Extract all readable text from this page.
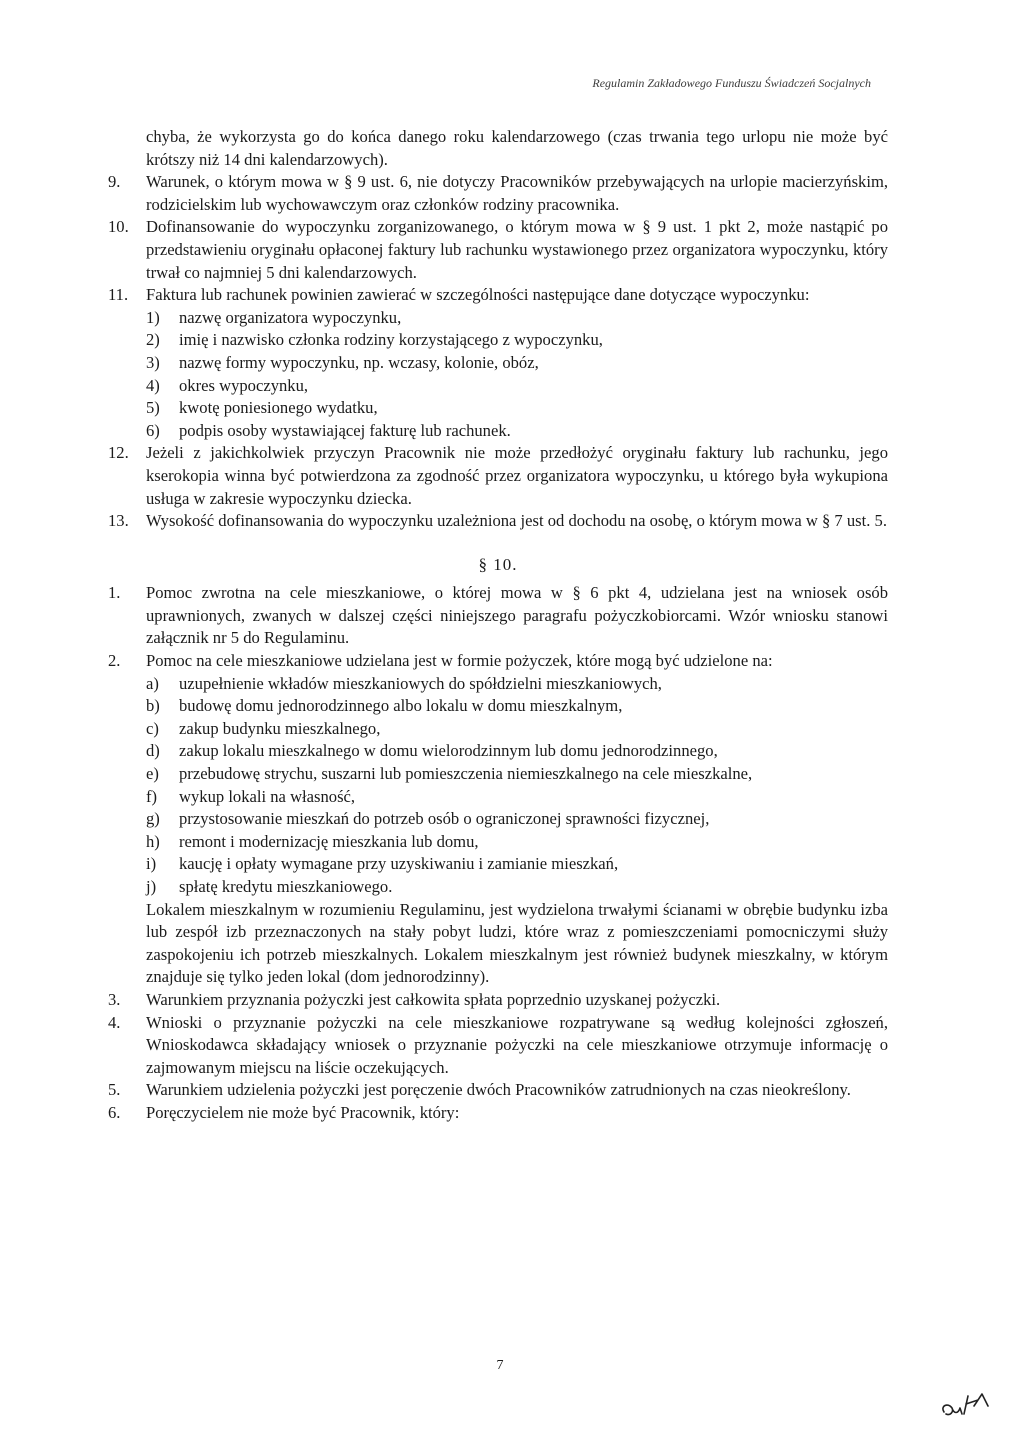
Regulamin Zakładowego Funduszu Świadczeń Socjalnych
chyba, że wykorzysta go do końca danego roku kalendarzowego (czas trwania tego urlopu nie może być krótszy niż 14 dni kalendarzowych).
9.	Warunek, o którym mowa w § 9 ust. 6, nie dotyczy Pracowników przebywających na urlopie macierzyńskim, rodzicielskim lub wychowawczym oraz członków rodziny pracownika.
10.	Dofinansowanie do wypoczynku zorganizowanego, o którym mowa w § 9 ust. 1 pkt 2, może nastąpić po przedstawieniu oryginału opłaconej faktury lub rachunku wystawionego przez organizatora wypoczynku, który trwał co najmniej 5 dni kalendarzowych.
11.	Faktura lub rachunek powinien zawierać w szczególności następujące dane dotyczące wypoczynku:
1) nazwę organizatora wypoczynku,
2) imię i nazwisko członka rodziny korzystającego z wypoczynku,
3) nazwę formy wypoczynku, np. wczasy, kolonie, obóz,
4) okres wypoczynku,
5) kwotę poniesionego wydatku,
6) podpis osoby wystawiającej fakturę lub rachunek.
12.	Jeżeli z jakichkolwiek przyczyn Pracownik nie może przedłożyć oryginału faktury lub rachunku, jego kserokopia winna być potwierdzona za zgodność przez organizatora wypoczynku, u którego była wykupiona usługa w zakresie wypoczynku dziecka.
13.	Wysokość dofinansowania do wypoczynku uzależniona jest od dochodu na osobę, o którym mowa w § 7 ust. 5.
§ 10.
1.	Pomoc zwrotna na cele mieszkaniowe, o której mowa w § 6 pkt 4, udzielana jest na wniosek osób uprawnionych, zwanych w dalszej części niniejszego paragrafu pożyczkobiorcami. Wzór wniosku stanowi załącznik nr 5 do Regulaminu.
2.	Pomoc na cele mieszkaniowe udzielana jest w formie pożyczek, które mogą być udzielone na:
a) uzupełnienie wkładów mieszkaniowych do spółdzielni mieszkaniowych,
b) budowę domu jednorodzinnego albo lokalu w domu mieszkalnym,
c) zakup budynku mieszkalnego,
d) zakup lokalu mieszkalnego w domu wielorodzinnym lub domu jednorodzinnego,
e) przebudowę strychu, suszarni lub pomieszczenia niemieszkalnego na cele mieszkalne,
f) wykup lokali na własność,
g) przystosowanie mieszkań do potrzeb osób o ograniczonej sprawności fizycznej,
h) remont i modernizację mieszkania lub domu,
i) kaucję i opłaty wymagane przy uzyskiwaniu i zamianie mieszkań,
j) spłatę kredytu mieszkaniowego.
Lokalem mieszkalnym w rozumieniu Regulaminu, jest wydzielona trwałymi ścianami w obrębie budynku izba lub zespół izb przeznaczonych na stały pobyt ludzi, które wraz z pomieszczeniami pomocniczymi służy zaspokojeniu ich potrzeb mieszkalnych. Lokalem mieszkalnym jest również budynek mieszkalny, w którym znajduje się tylko jeden lokal (dom jednorodzinny).
3.	Warunkiem przyznania pożyczki jest całkowita spłata poprzednio uzyskanej pożyczki.
4.	Wnioski o przyznanie pożyczki na cele mieszkaniowe rozpatrywane są według kolejności zgłoszeń, Wnioskodawca składający wniosek o przyznanie pożyczki na cele mieszkaniowe otrzymuje informację o zajmowanym miejscu na liście oczekujących.
5.	Warunkiem udzielenia pożyczki jest poręczenie dwóch Pracowników zatrudnionych na czas nieokreślony.
6.	Poręczycielem nie może być Pracownik, który:
7
